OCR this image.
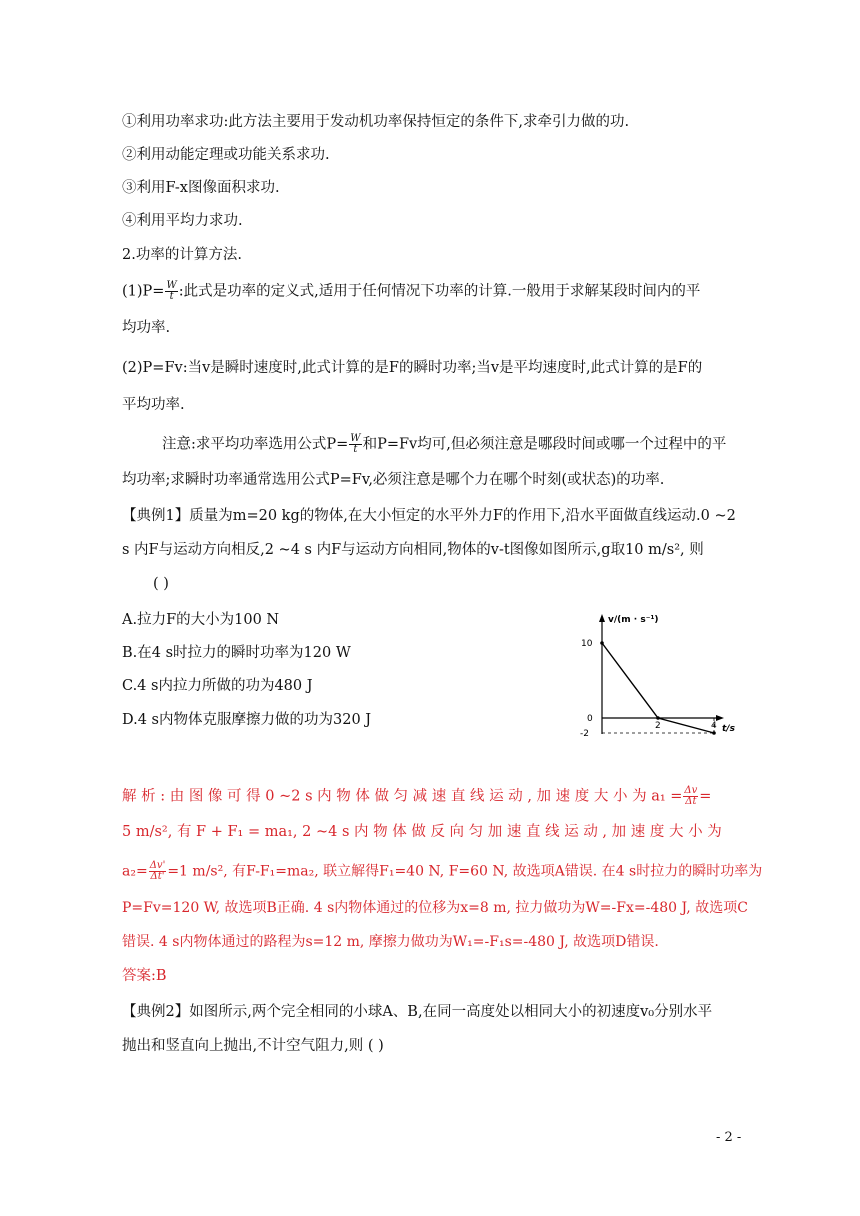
①利用功率求功:此方法主要用于发动机功率保持恒定的条件下,求牵引力做的功.
②利用动能定理或功能关系求功.
③利用F-x图像面积求功.
④利用平均力求功.
2.功率的计算方法.
$(1)P= \frac{W}{t}$ :此式是功率的定义式,适用于任何情况下功率的计算.一般用于求解某段时间内的平
均功率.
(2)P=Fv:当v是瞬时速度时,此式计算的是F的瞬时功率;当v是平均速度时,此式计算的是F的
平均功率.
注意:求平均功率选用公式$P= \frac{W}{t}$ 和P=Fv均可,但必须注意是哪段时间或哪一个过程中的平
均功率;求瞬时功率通常选用公式P=Fv,必须注意是哪个力在哪个时刻(或状态)的功率.
【典例1】质量为m=20 kg的物体,在大小恒定的水平外力F的作用下,沿水平面做直线运动.0 ~2
s 内F与运动方向相反,2 ~4 s 内F与运动方向相同,物体的v-t图像如图所示,g取10 m/s², 则
( )
A.拉力F的大小为100 N
B.在4 s时拉力的瞬时功率为120 W
C.4 s内拉力所做的功为480 J
D.4 s内物体克服摩擦力做的功为320 J
v/(m · s⁻¹)
t/s
10
0
-2
2	4
解 析 : 由 图 像 可 得 0 ~2 s 内 物 体 做 匀 减 速 直 线 运 动 , 加 速 度 大 小 为 $a_1 = \frac{\Delta v}{\Delta t}$ =
5 m/s², 有 F + F₁ = ma₁, 2 ~4 s 内 物 体 做 反 向 匀 加 速 直 线 运 动 , 加 速 度 大 小 为
$a_2= \frac{\Delta v'}{\Delta t'} =1$ m/s², 有F-F₁=ma₂, 联立解得F₁=40 N, F=60 N, 故选项A错误. 在4 s时拉力的瞬时功率为
P=Fv=120 W, 故选项B正确. 4 s内物体通过的位移为x=8 m, 拉力做功为W=-Fx=-480 J, 故选项C
错误. 4 s内物体通过的路程为s=12 m, 摩擦力做功为W₁=-F₁s=-480 J, 故选项D错误.
答案:B
【典例2】如图所示,两个完全相同的小球A、B,在同一高度处以相同大小的初速度v₀分别水平
抛出和竖直向上抛出,不计空气阻力,则 ( )
- 2 -
